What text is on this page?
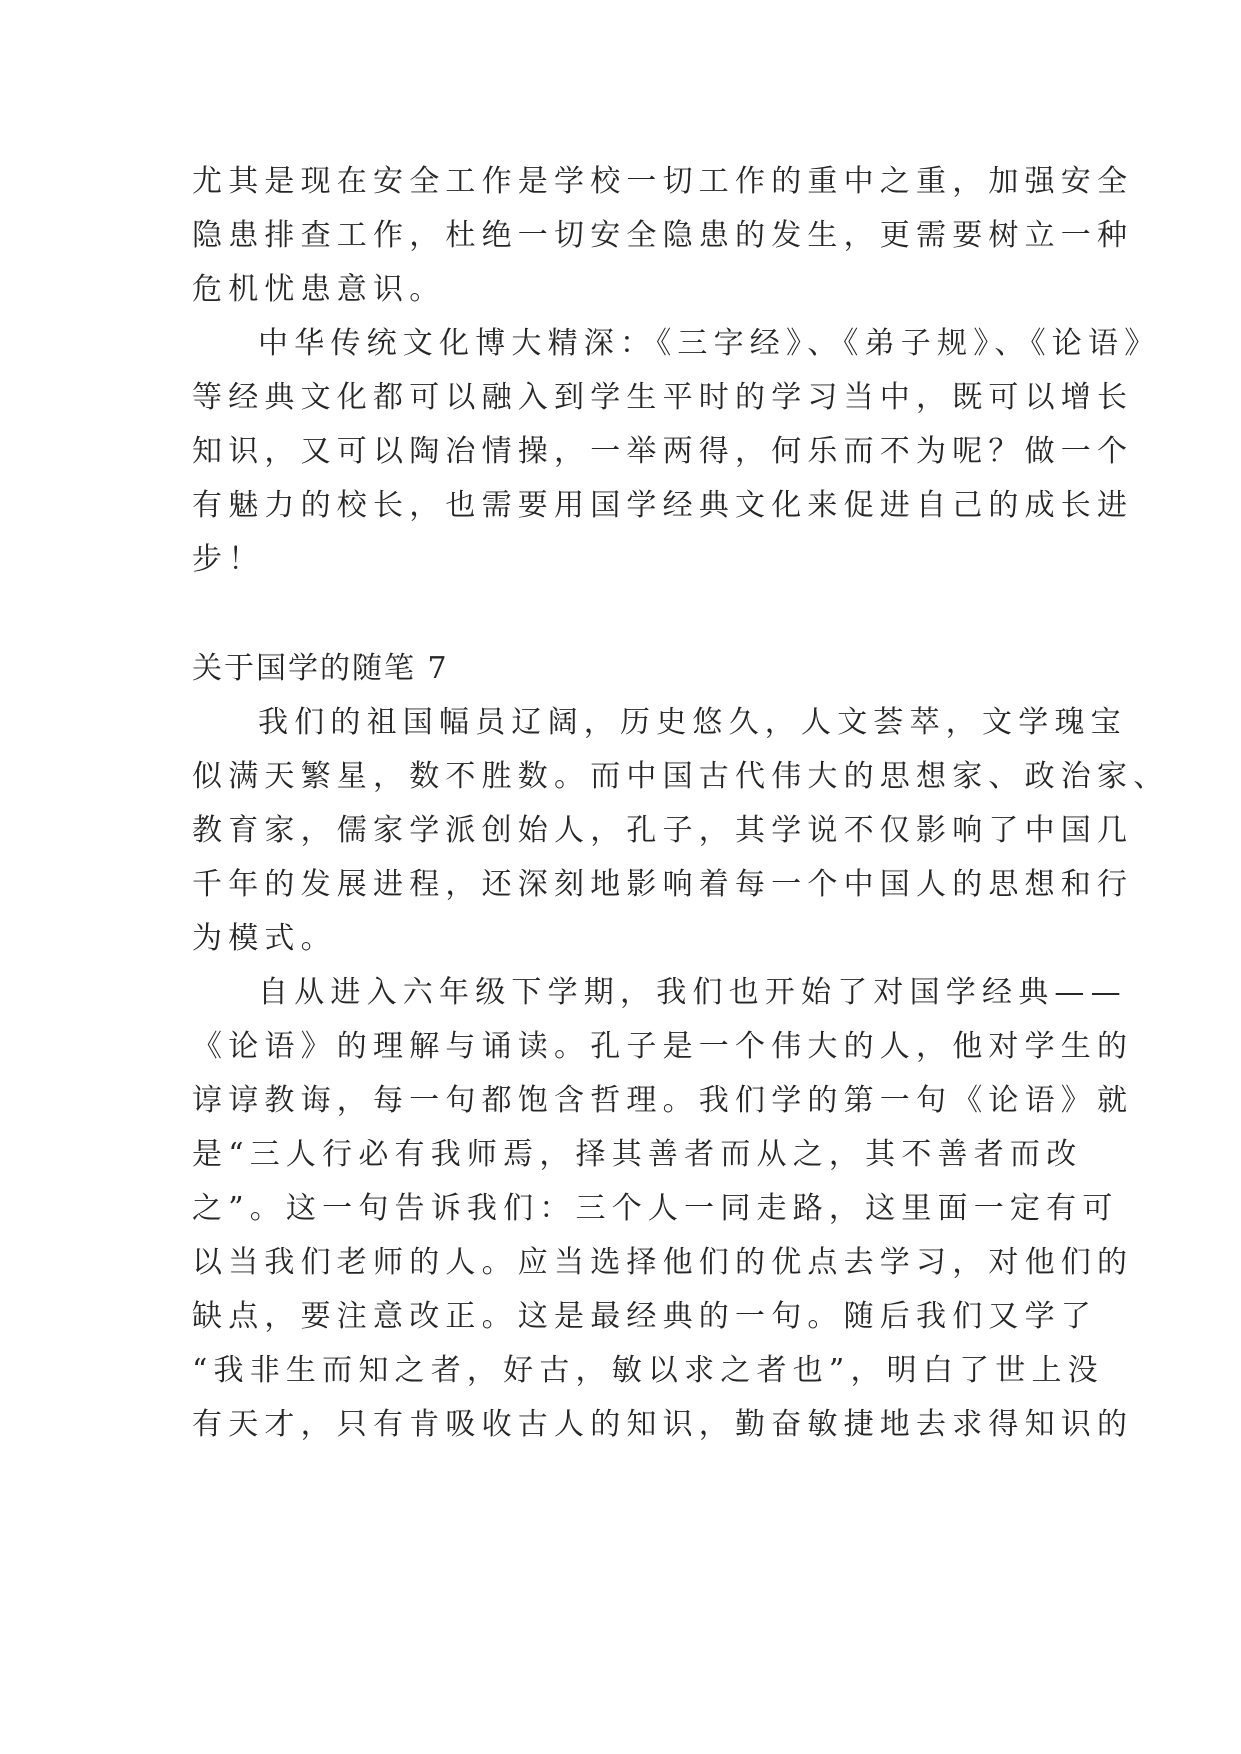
尤其是现在安全工作是学校一切工作的重中之重，加强安全
隐患排查工作，杜绝一切安全隐患的发生，更需要树立一种
危机忧患意识。
中华传统文化博大精深：《三字经》、《弟子规》、《论语》
等经典文化都可以融入到学生平时的学习当中，既可以增长
知识，又可以陶冶情操，一举两得，何乐而不为呢？做一个
有魅力的校长，也需要用国学经典文化来促进自己的成长进
步！
关于国学的随笔 7
我们的祖国幅员辽阔，历史悠久，人文荟萃，文学瑰宝
似满天繁星，数不胜数。而中国古代伟大的思想家、政治家、
教育家，儒家学派创始人，孔子，其学说不仅影响了中国几
千年的发展进程，还深刻地影响着每一个中国人的思想和行
为模式。
自从进入六年级下学期，我们也开始了对国学经典——
《论语》的理解与诵读。孔子是一个伟大的人，他对学生的
谆谆教诲，每一句都饱含哲理。我们学的第一句《论语》就
是“三人行必有我师焉，择其善者而从之，其不善者而改
之”。这一句告诉我们：三个人一同走路，这里面一定有可
以当我们老师的人。应当选择他们的优点去学习，对他们的
缺点，要注意改正。这是最经典的一句。随后我们又学了
“我非生而知之者，好古，敏以求之者也”，明白了世上没
有天才，只有肯吸收古人的知识，勤奋敏捷地去求得知识的
